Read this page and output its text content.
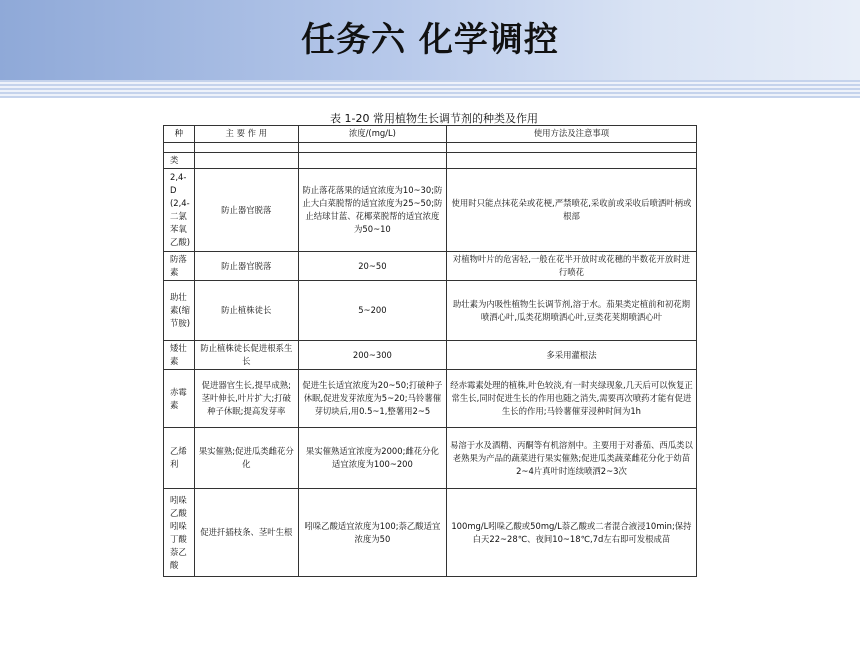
任务六 化学调控
表 1-20 常用植物生长调节剂的种类及作用
种	主 要 作 用	浓度/(mg/L)	使用方法及注意事项

类			
2,4-D (2,4-二氯苯氧乙酸)	防止器官脱落	防止落花落果的适宜浓度为10~30;防止大白菜脱帮的适宜浓度为25~50;防止结球甘蓝、花椰菜脱帮的适宜浓度为50~10	使用时只能点抹花朵或花梗,严禁喷花,采收前或采收后喷洒叶柄或根部
防落素	防止器官脱落	20~50	对植物叶片的危害轻,一般在花半开放时或花穗的半数花开放时进行喷花
助壮素(缩节胺)	防止植株徒长	5~200	助壮素为内吸性植物生长调节剂,溶于水。茄果类定植前和初花期喷洒心叶,瓜类花期喷洒心叶,豆类花荚期喷洒心叶
矮壮素	防止植株徒长促进根系生长	200~300	多采用灌根法
赤霉素	促进器官生长,提早成熟;茎叶伸长,叶片扩大;打破种子休眠;提高发芽率	促进生长适宜浓度为20~50;打破种子休眠,促进发芽浓度为5~20;马铃薯催芽切块后,用0.5~1,整薯用2~5	经赤霉素处理的植株,叶色较淡,有一时夹绿现象,几天后可以恢复正常生长,同时促进生长的作用也随之消失,需要再次喷药才能有促进生长的作用;马铃薯催芽浸种时间为1h
乙烯利	果实催熟;促进瓜类雌花分化	果实催熟适宜浓度为2000;雌花分化适宜浓度为100~200	易溶于水及酒精、丙酮等有机溶剂中。主要用于对番茄、西瓜类以老熟果为产品的蔬菜进行果实催熟;促进瓜类蔬菜雌花分化于幼苗2~4片真叶时连续喷洒2~3次
吲哚乙酸吲哚丁酸萘乙酸	促进扦插枝条、茎叶生根	吲哚乙酸适宜浓度为100;萘乙酸适宜浓度为50	100mg/L吲哚乙酸或50mg/L萘乙酸或二者混合液浸10min;保持白天22~28℃、夜间10~18℃,7d左右即可发根成苗
